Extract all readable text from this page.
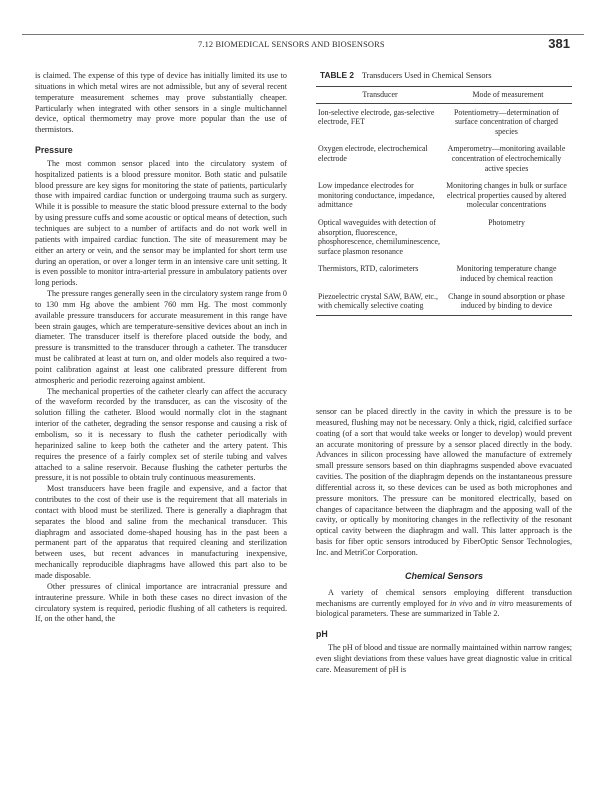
7.12 BIOMEDICAL SENSORS AND BIOSENSORS	381

is claimed. The expense of this type of device has initially limited its use to situations in which metal wires are not admissible, but any of several recent temperature measurement schemes may prove substantially cheaper. Particularly when integrated with other sensors in a single multichannel device, optical thermometry may prove more popular than the use of thermistors.

Pressure

The most common sensor placed into the circulatory system of hospitalized patients is a blood pressure monitor. Both static and pulsatile blood pressure are key signs for monitoring the state of patients, particularly those with impaired cardiac function or undergoing trauma such as surgery. While it is possible to measure the static blood pressure external to the body by using pressure cuffs and some acoustic or optical means of detection, such techniques are subject to a number of artifacts and do not work well in patients with impaired cardiac function. The site of measurement may be either an artery or vein, and the sensor may be implanted for short term use during an operation, or over a longer term in an intensive care unit setting. It is even possible to monitor intra-arterial pressure in ambulatory patients over long periods.

The pressure ranges generally seen in the circulatory system range from 0 to 130 mm Hg above the ambient 760 mm Hg. The most commonly available pressure transducers for accurate measurement in this range have been strain gauges, which are temperature-sensitive devices about an inch in diameter. The transducer itself is therefore placed outside the body, and pressure is transmitted to the transducer through a catheter. The transducer must be calibrated at least at turn on, and older models also required a two-point calibration against at least one calibrated pressure different from atmospheric and periodic rezeroing against ambient.

The mechanical properties of the catheter clearly can affect the accuracy of the waveform recorded by the transducer, as can the viscosity of the solution filling the catheter. Blood would normally clot in the stagnant interior of the catheter, degrading the sensor response and causing a risk of embolism, so it is necessary to flush the catheter periodically with heparinized saline to keep both the catheter and the artery patent. This requires the presence of a fairly complex set of sterile tubing and valves attached to a saline reservoir. Because flushing the catheter perturbs the pressure, it is not possible to obtain truly continuous measurements.

Most transducers have been fragile and expensive, and a factor that contributes to the cost of their use is the requirement that all materials in contact with blood must be sterilized. There is generally a diaphragm that separates the blood and saline from the mechanical transducer. This diaphragm and associated dome-shaped housing has in the past been a permanent part of the apparatus that required cleaning and sterilization between uses, but recent advances in manufacturing inexpensive, mechanically reproducible diaphragms have allowed this part also to be made disposable.

Other pressures of clinical importance are intracranial pressure and intrauterine pressure. While in both these cases no direct invasion of the circulatory system is required, periodic flushing of all catheters is required. If, on the other hand, the

TABLE 2 Transducers Used in Chemical Sensors
Transducer	Mode of measurement
Ion-selective electrode, gas-selective electrode, FET	Potentiometry—determination of surface concentration of charged species
Oxygen electrode, electrochemical electrode	Amperometry—monitoring available concentration of electrochemically active species
Low impedance electrodes for monitoring conductance, impedance, admittance	Monitoring changes in bulk or surface electrical properties caused by altered molecular concentrations
Optical waveguides with detection of absorption, fluorescence, phosphorescence, chemiluminescence, surface plasmon resonance	Photometry
Thermistors, RTD, calorimeters	Monitoring temperature change induced by chemical reaction
Piezoelectric crystal SAW, BAW, etc., with chemically selective coating	Change in sound absorption or phase induced by binding to device

sensor can be placed directly in the cavity in which the pressure is to be measured, flushing may not be necessary. Only a thick, rigid, calcified surface coating (of a sort that would take weeks or longer to develop) would prevent an accurate monitoring of pressure by a sensor placed directly in the body. Advances in silicon processing have allowed the manufacture of extremely small pressure sensors based on thin diaphragms suspended above evacuated cavities. The position of the diaphragm depends on the instantaneous pressure differential across it, so these devices can be used as both microphones and pressure monitors. The pressure can be monitored electrically, based on changes of capacitance between the diaphragm and the apposing wall of the cavity, or optically by monitoring changes in the reflectivity of the resonant optical cavity between the diaphragm and wall. This latter approach is the basis for fiber optic sensors introduced by FiberOptic Sensor Technologies, Inc. and MetriCor Corporation.

Chemical Sensors

A variety of chemical sensors employing different transduction mechanisms are currently employed for in vivo and in vitro measurements of biological parameters. These are summarized in Table 2.

pH

The pH of blood and tissue are normally maintained within narrow ranges; even slight deviations from these values have great diagnostic value in critical care. Measurement of pH is
